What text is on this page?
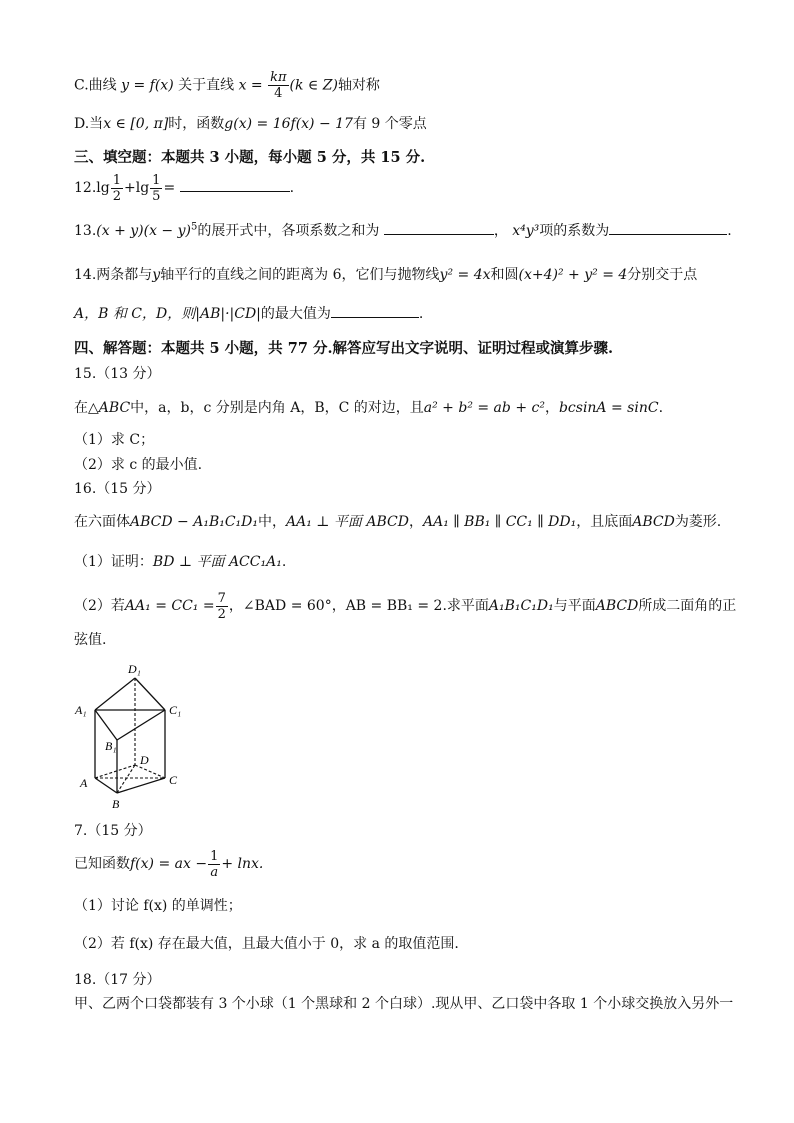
C.曲线 y = f(x) 关于直线 $x = \frac{k\pi}{4} (k$ ∈ Z)轴对称
D.当x ∈ [0, π]时，函数g(x) = 16f(x) − 17有 9 个零点
三、填空题：本题共 3 小题，每小题 5 分，共 15 分.
$12.\lg \frac{1}{2} +\lg \frac{1}{5}$ =	.
$13.(x + y)(x - y)^5$的展开式中，各项系数之和为	， x⁴y³项的系数为	.
14.两条都与y轴平行的直线之间的距离为 6，它们与抛物线y² = 4x和圆(x+4)² + y² = 4分别交于点
A，B 和 C，D，则|AB|·|CD|的最大值为	.
四、解答题：本题共 5 小题，共 77 分.解答应写出文字说明、证明过程或演算步骤.
15.（13 分）
在△ABC中，a，b，c 分别是内角 A，B，C 的对边，且a² + b² = ab + c²，bcsinA = sinC.
（1）求 C；
（2）求 c 的最小值.
16.（15 分）
在六面体ABCD − A₁B₁C₁D₁中，AA₁ ⊥ 平面 ABCD，AA₁ ∥ BB₁ ∥ CC₁ ∥ DD₁，且底面ABCD为菱形.
（1）证明：BD ⊥ 平面 ACC₁A₁.
（2）若$AA_1 = CC_1 = \frac{7}{2}$ ，∠BAD = 60°，AB = BB₁ = 2.求平面A₁B₁C₁D₁与平面ABCD所成二面角的正
弦值.
D₁
A₁	C₁
B₁
D
A	C
B
7.（15 分）
已知函数f(x) = ax − $\frac{1}{a} + \ln x$.
（1）讨论 f(x) 的单调性；
（2）若 f(x) 存在最大值，且最大值小于 0，求 a 的取值范围.
18.（17 分）
甲、乙两个口袋都装有 3 个小球（1 个黑球和 2 个白球）.现从甲、乙口袋中各取 1 个小球交换放入另外一
